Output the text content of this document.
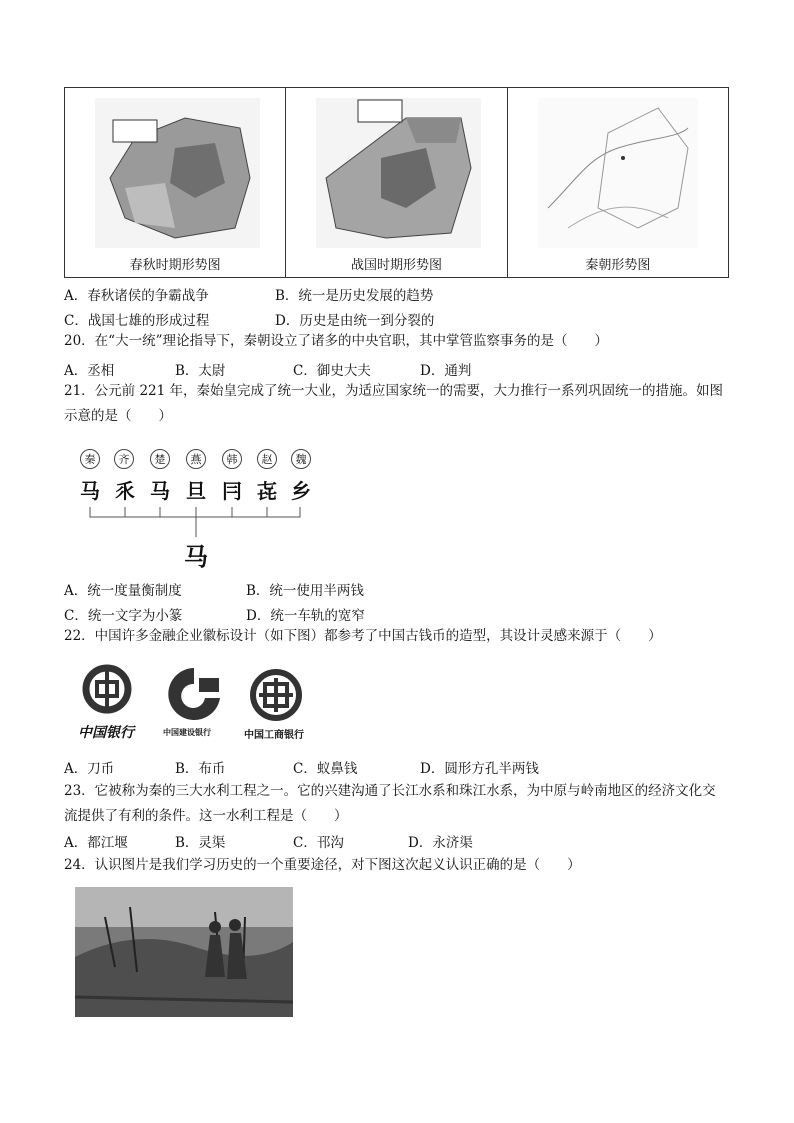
春秋时期形势图	战国时期形势图	秦朝形势图
A．春秋诸侯的争霸战争	B．统一是历史发展的趋势
C．战国七雄的形成过程	D．历史是由统一到分裂的
20．在“大一统”理论指导下，秦朝设立了诸多的中央官职，其中掌管监察事务的是（　　）
A．丞相	B．太尉	C．御史大夫	D．通判
21．公元前 221 年，秦始皇完成了统一大业，为适应国家统一的需要，大力推行一系列巩固统一的措施。如图示意的是（　　）
秦	齐	楚	燕	韩	赵	魏
马 乑 马 旦 冃 㐂 乡
马
A．统一度量衡制度	B．统一使用半两钱
C．统一文字为小篆	D．统一车轨的宽窄
22．中国许多金融企业徽标设计（如下图）都参考了中国古钱币的造型，其设计灵感来源于（　　）
中国银行	中国建设银行	中国工商银行
A．刀币	B．布币	C．蚁鼻钱	D．圆形方孔半两钱
23．它被称为秦的三大水利工程之一。它的兴建沟通了长江水系和珠江水系，为中原与岭南地区的经济文化交流提供了有利的条件。这一水利工程是（　　）
A．都江堰	B．灵渠	C．邗沟	D．永济渠
24．认识图片是我们学习历史的一个重要途径，对下图这次起义认识正确的是（　　）
